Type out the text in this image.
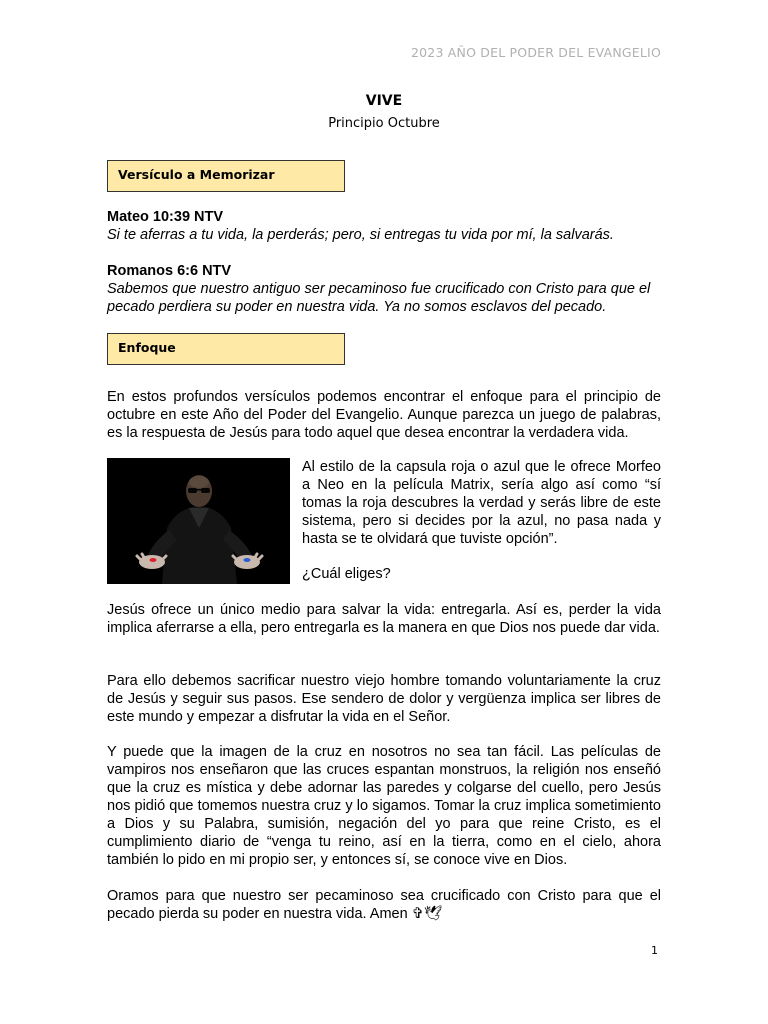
2023 AÑO DEL PODER DEL EVANGELIO
VIVE
Principio Octubre
Versículo a Memorizar
Mateo 10:39 NTV
Si te aferras a tu vida, la perderás; pero, si entregas tu vida por mí, la salvarás.
Romanos 6:6 NTV
Sabemos que nuestro antiguo ser pecaminoso fue crucificado con Cristo para que el pecado perdiera su poder en nuestra vida. Ya no somos esclavos del pecado.
Enfoque
En estos profundos versículos podemos encontrar el enfoque para el principio de octubre en este Año del Poder del Evangelio. Aunque parezca un juego de palabras, es la respuesta de Jesús para todo aquel que desea encontrar la verdadera vida.
Al estilo de la capsula roja o azul que le ofrece Morfeo a Neo en la película Matrix, sería algo así como “sí tomas la roja descubres la verdad y serás libre de este sistema, pero si decides por la azul, no pasa nada y hasta se te olvidará que tuviste opción”.
¿Cuál eliges?
Jesús ofrece un único medio para salvar la vida: entregarla. Así es, perder la vida implica aferrarse a ella, pero entregarla es la manera en que Dios nos puede dar vida.
Para ello debemos sacrificar nuestro viejo hombre tomando voluntariamente la cruz de Jesús y seguir sus pasos. Ese sendero de dolor y vergüenza implica ser libres de este mundo y empezar a disfrutar la vida en el Señor.
Y puede que la imagen de la cruz en nosotros no sea tan fácil. Las películas de vampiros nos enseñaron que las cruces espantan monstruos, la religión nos enseñó que la cruz es mística y debe adornar las paredes y colgarse del cuello, pero Jesús nos pidió que tomemos nuestra cruz y lo sigamos. Tomar la cruz implica sometimiento a Dios y su Palabra, sumisión, negación del yo para que reine Cristo, es el cumplimiento diario de “venga tu reino, así en la tierra, como en el cielo, ahora también lo pido en mi propio ser, y entonces sí, se conoce vive en Dios.
Oramos para que nuestro ser pecaminoso sea crucificado con Cristo para que el pecado pierda su poder en nuestra vida. Amen ✞🕊
1
